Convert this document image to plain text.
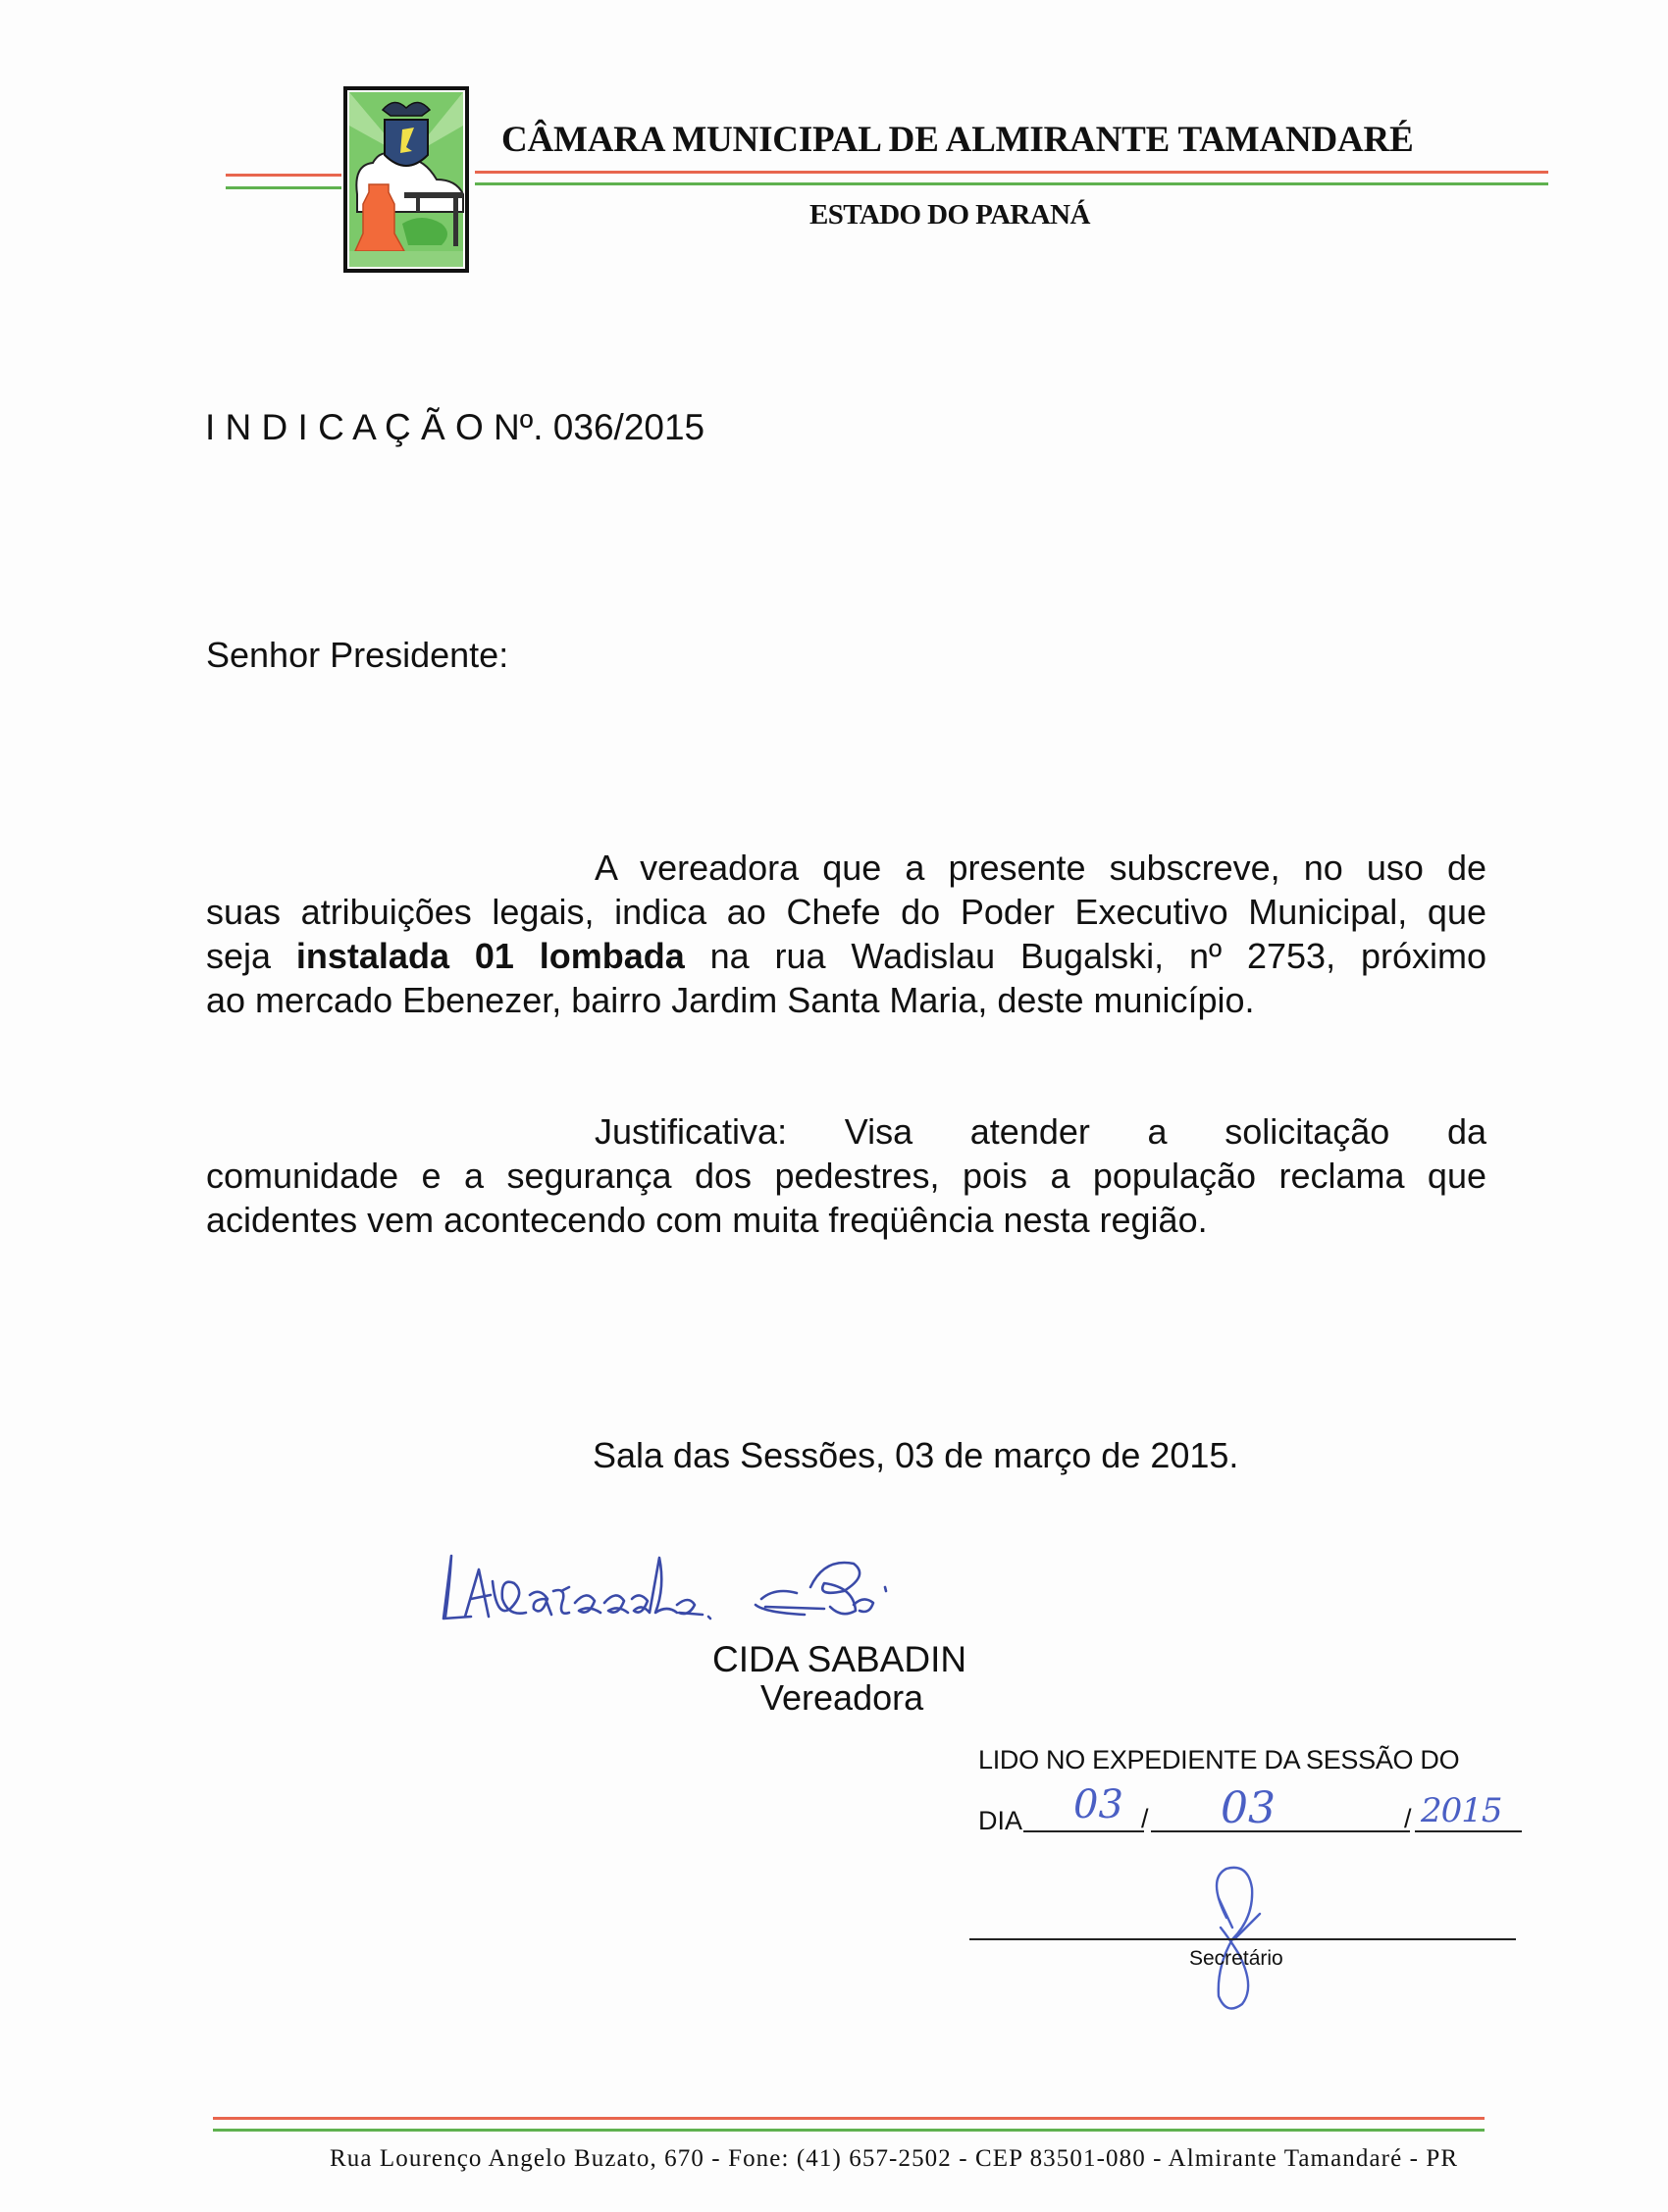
CÂMARA MUNICIPAL DE ALMIRANTE TAMANDARÉ
ESTADO DO PARANÁ
I N D I C A Ç Ã O Nº. 036/2015
Senhor Presidente:
A vereadora que a presente subscreve, no uso de
suas atribuições legais, indica ao Chefe do Poder Executivo Municipal, que
seja instalada 01 lombada na rua Wadislau Bugalski, nº 2753, próximo
ao mercado Ebenezer, bairro Jardim Santa Maria, deste município.
Justificativa: Visa atender a solicitação da
comunidade e a segurança dos pedestres, pois a população reclama que
acidentes vem acontecendo com muita freqüência nesta região.
Sala das Sessões, 03 de março de 2015.
CIDA SABADIN
Vereadora
LIDO NO EXPEDIENTE DA SESSÃO DO
DIA	/	/
03 03	2015
Secretário
Rua Lourenço Angelo Buzato, 670 - Fone: (41) 657-2502 - CEP 83501-080 - Almirante Tamandaré - PR
